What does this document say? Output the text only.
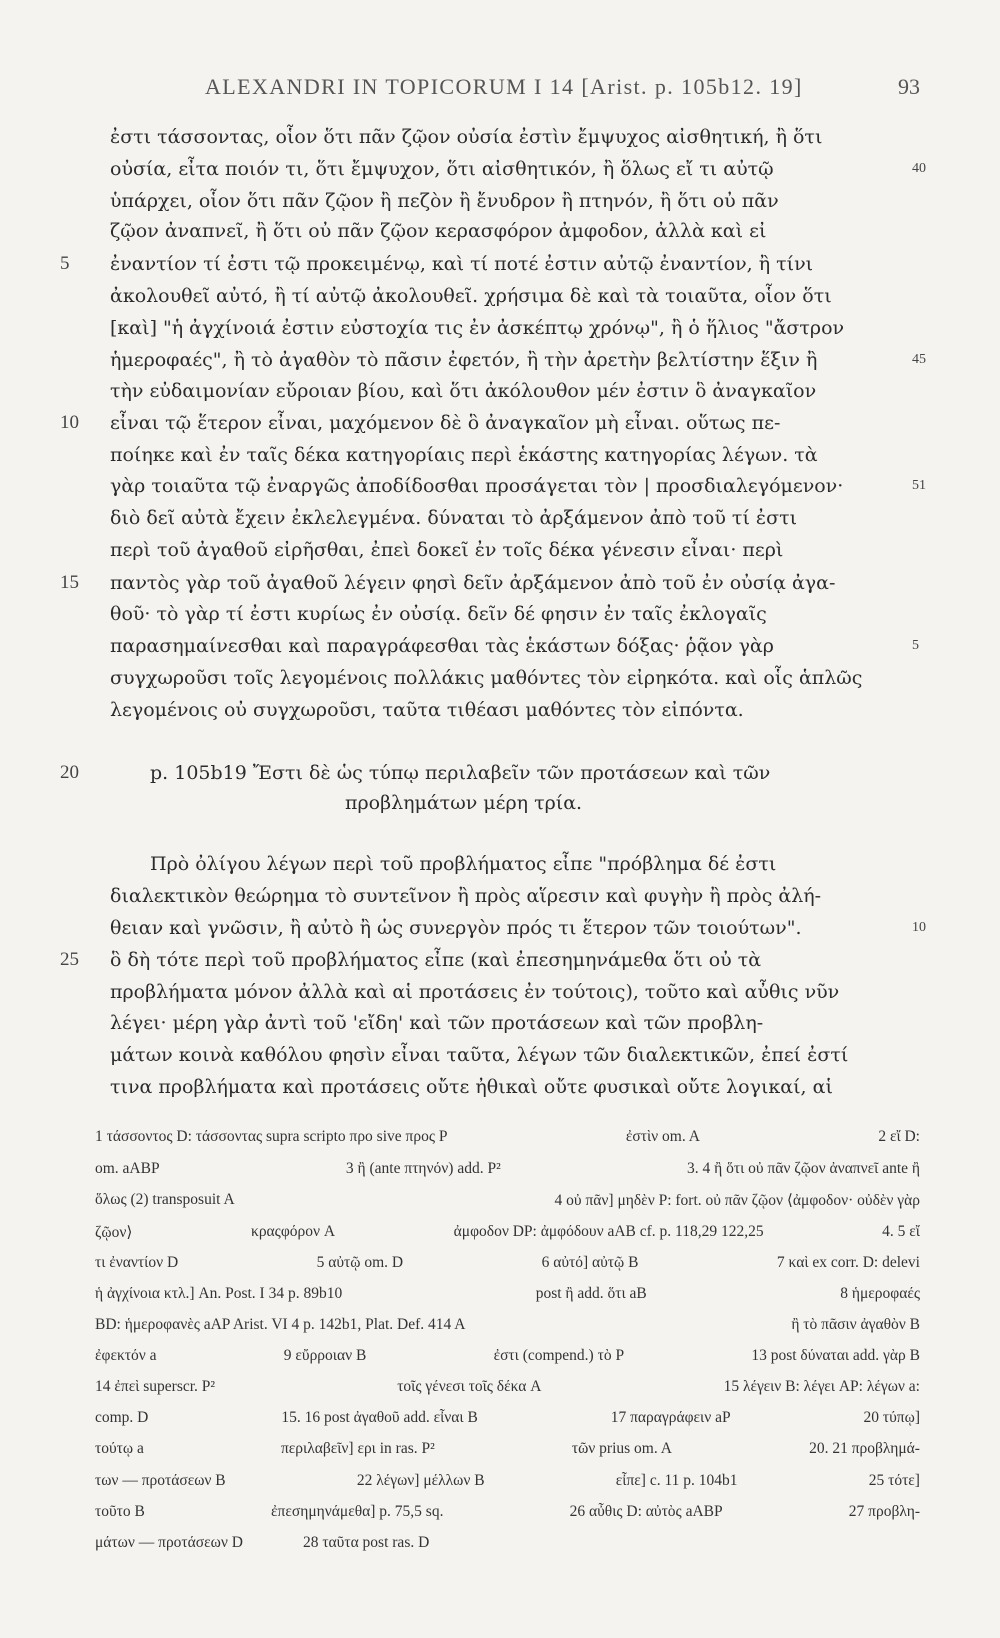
ALEXANDRI IN TOPICORUM I 14 [Arist. p. 105b12. 19]	93
ἐστι τάσσοντας, οἷον ὅτι πᾶν ζῷον οὐσία ἐστὶν ἔμψυχος αἰσθητική, ἢ ὅτι
οὐσία, εἶτα ποιόν τι, ὅτι ἔμψυχον, ὅτι αἰσθητικόν, ἢ ὅλως εἴ τι αὐτῷ	40
ὑπάρχει, οἷον ὅτι πᾶν ζῷον ἢ πεζὸν ἢ ἔνυδρον ἢ πτηνόν, ἢ ὅτι οὐ πᾶν
ζῷον ἀναπνεῖ, ἢ ὅτι οὐ πᾶν ζῷον κερασφόρον ἀμφοδον, ἀλλὰ καὶ εἰ
ἐναντίον τί ἐστι τῷ προκειμένῳ, καὶ τί ποτέ ἐστιν αὐτῷ ἐναντίον, ἢ τίνι
5
ἀκολουθεῖ αὐτό, ἢ τί αὐτῷ ἀκολουθεῖ. χρήσιμα δὲ καὶ τὰ τοιαῦτα, οἷον ὅτι
[καὶ] "ἡ ἀγχίνοιά ἐστιν εὐστοχία τις ἐν ἀσκέπτῳ χρόνῳ", ἢ ὁ ἥλιος "ἄστρον
ἡμεροφαές", ἢ τὸ ἀγαθὸν τὸ πᾶσιν ἐφετόν, ἢ τὴν ἀρετὴν βελτίστην ἕξιν ἢ	45
τὴν εὐδαιμονίαν εὔροιαν βίου, καὶ ὅτι ἀκόλουθον μέν ἐστιν ὃ ἀναγκαῖον
εἶναι τῷ ἕτερον εἶναι, μαχόμενον δὲ ὃ ἀναγκαῖον μὴ εἶναι. οὕτως πε-
10
ποίηκε καὶ ἐν ταῖς δέκα κατηγορίαις περὶ ἑκάστης κατηγορίας λέγων. τὰ
γὰρ τοιαῦτα τῷ ἐναργῶς ἀποδίδοσθαι προσάγεται τὸν | προσδιαλεγόμενον·	51
διὸ δεῖ αὐτὰ ἔχειν ἐκλελεγμένα. δύναται τὸ ἀρξάμενον ἀπὸ τοῦ τί ἐστι
περὶ τοῦ ἀγαθοῦ εἰρῆσθαι, ἐπεὶ δοκεῖ ἐν τοῖς δέκα γένεσιν εἶναι· περὶ
παντὸς γὰρ τοῦ ἀγαθοῦ λέγειν φησὶ δεῖν ἀρξάμενον ἀπὸ τοῦ ἐν οὐσίᾳ ἀγα-
15
θοῦ· τὸ γὰρ τί ἐστι κυρίως ἐν οὐσίᾳ. δεῖν δέ φησιν ἐν ταῖς ἐκλογαῖς
παρασημαίνεσθαι καὶ παραγράφεσθαι τὰς ἑκάστων δόξας· ῥᾷον γὰρ	5
συγχωροῦσι τοῖς λεγομένοις πολλάκις μαθόντες τὸν εἰρηκότα. καὶ οἷς ἁπλῶς
λεγομένοις οὐ συγχωροῦσι, ταῦτα τιθέασι μαθόντες τὸν εἰπόντα.
p. 105b19 Ἔστι δὲ ὡς τύπῳ περιλαβεῖν τῶν προτάσεων καὶ τῶν
20
προβλημάτων μέρη τρία.
Πρὸ ὀλίγου λέγων περὶ τοῦ προβλήματος εἶπε "πρόβλημα δέ ἐστι
διαλεκτικὸν θεώρημα τὸ συντεῖνον ἢ πρὸς αἵρεσιν καὶ φυγὴν ἢ πρὸς ἀλή-
θειαν καὶ γνῶσιν, ἢ αὐτὸ ἢ ὡς συνεργὸν πρός τι ἕτερον τῶν τοιούτων".	10
ὃ δὴ τότε περὶ τοῦ προβλήματος εἶπε (καὶ ἐπεσημηνάμεθα ὅτι οὐ τὰ
25
προβλήματα μόνον ἀλλὰ καὶ αἱ προτάσεις ἐν τούτοις), τοῦτο καὶ αὖθις νῦν
λέγει· μέρη γὰρ ἀντὶ τοῦ 'εἴδη' καὶ τῶν προτάσεων καὶ τῶν προβλη-
μάτων κοινὰ καθόλου φησὶν εἶναι ταῦτα, λέγων τῶν διαλεκτικῶν, ἐπεί ἐστί
τινα προβλήματα καὶ προτάσεις οὔτε ἠθικαὶ οὔτε φυσικαὶ οὔτε λογικαί, αἱ
1 τάσσοντος D: τάσσοντας supra scripto προ sive προς P	ἐστὶν om. A	2 εἴ D:
om. aABP	3 ἢ (ante πτηνόν) add. P²	3. 4 ἢ ὅτι οὐ πᾶν ζῷον ἀναπνεῖ ante ἢ
ὅλως (2) transposuit A	4 οὐ πᾶν] μηδὲν P: fort. οὐ πᾶν ζῷον ⟨ἀμφοδον· οὐδὲν γὰρ
ζῷον⟩	κραςφόρον A	ἀμφοδον DP: ἀμφόδουν aAB cf. p. 118,29 122,25	4. 5 εἴ
τι ἐναντίον D	5 αὐτῷ om. D	6 αὐτό] αὐτῷ B	7 καὶ ex corr. D: delevi
ἡ ἀγχίνοια κτλ.] An. Post. I 34 p. 89b10	post ἢ add. ὅτι aB	8 ἡμεροφαές
BD: ἡμεροφανὲς aAP Arist. VI 4 p. 142b1, Plat. Def. 414 A	ἢ τὸ πᾶσιν ἀγαθὸν B
ἐφεκτόν a	9 εὔρροιαν B	ἐστι (compend.) τὸ P	13 post δύναται add. γὰρ B
14 ἐπεὶ superscr. P²	τοῖς γένεσι τοῖς δέκα A	15 λέγειν B: λέγει AP: λέγων a:
comp. D	15. 16 post ἀγαθοῦ add. εἶναι B	17 παραγράφειν aP	20 τύπῳ]
τούτῳ a	περιλαβεῖν] ερι in ras. P²	τῶν prius om. A	20. 21 προβλημά-
των — προτάσεων B	22 λέγων] μέλλων B	εἶπε] c. 11 p. 104b1	25 τότε]
τοῦτο B	ἐπεσημηνάμεθα] p. 75,5 sq.	26 αὖθις D: αὐτὸς aABP	27 προβλη-
μάτων — προτάσεων D	28 ταῦτα post ras. D
